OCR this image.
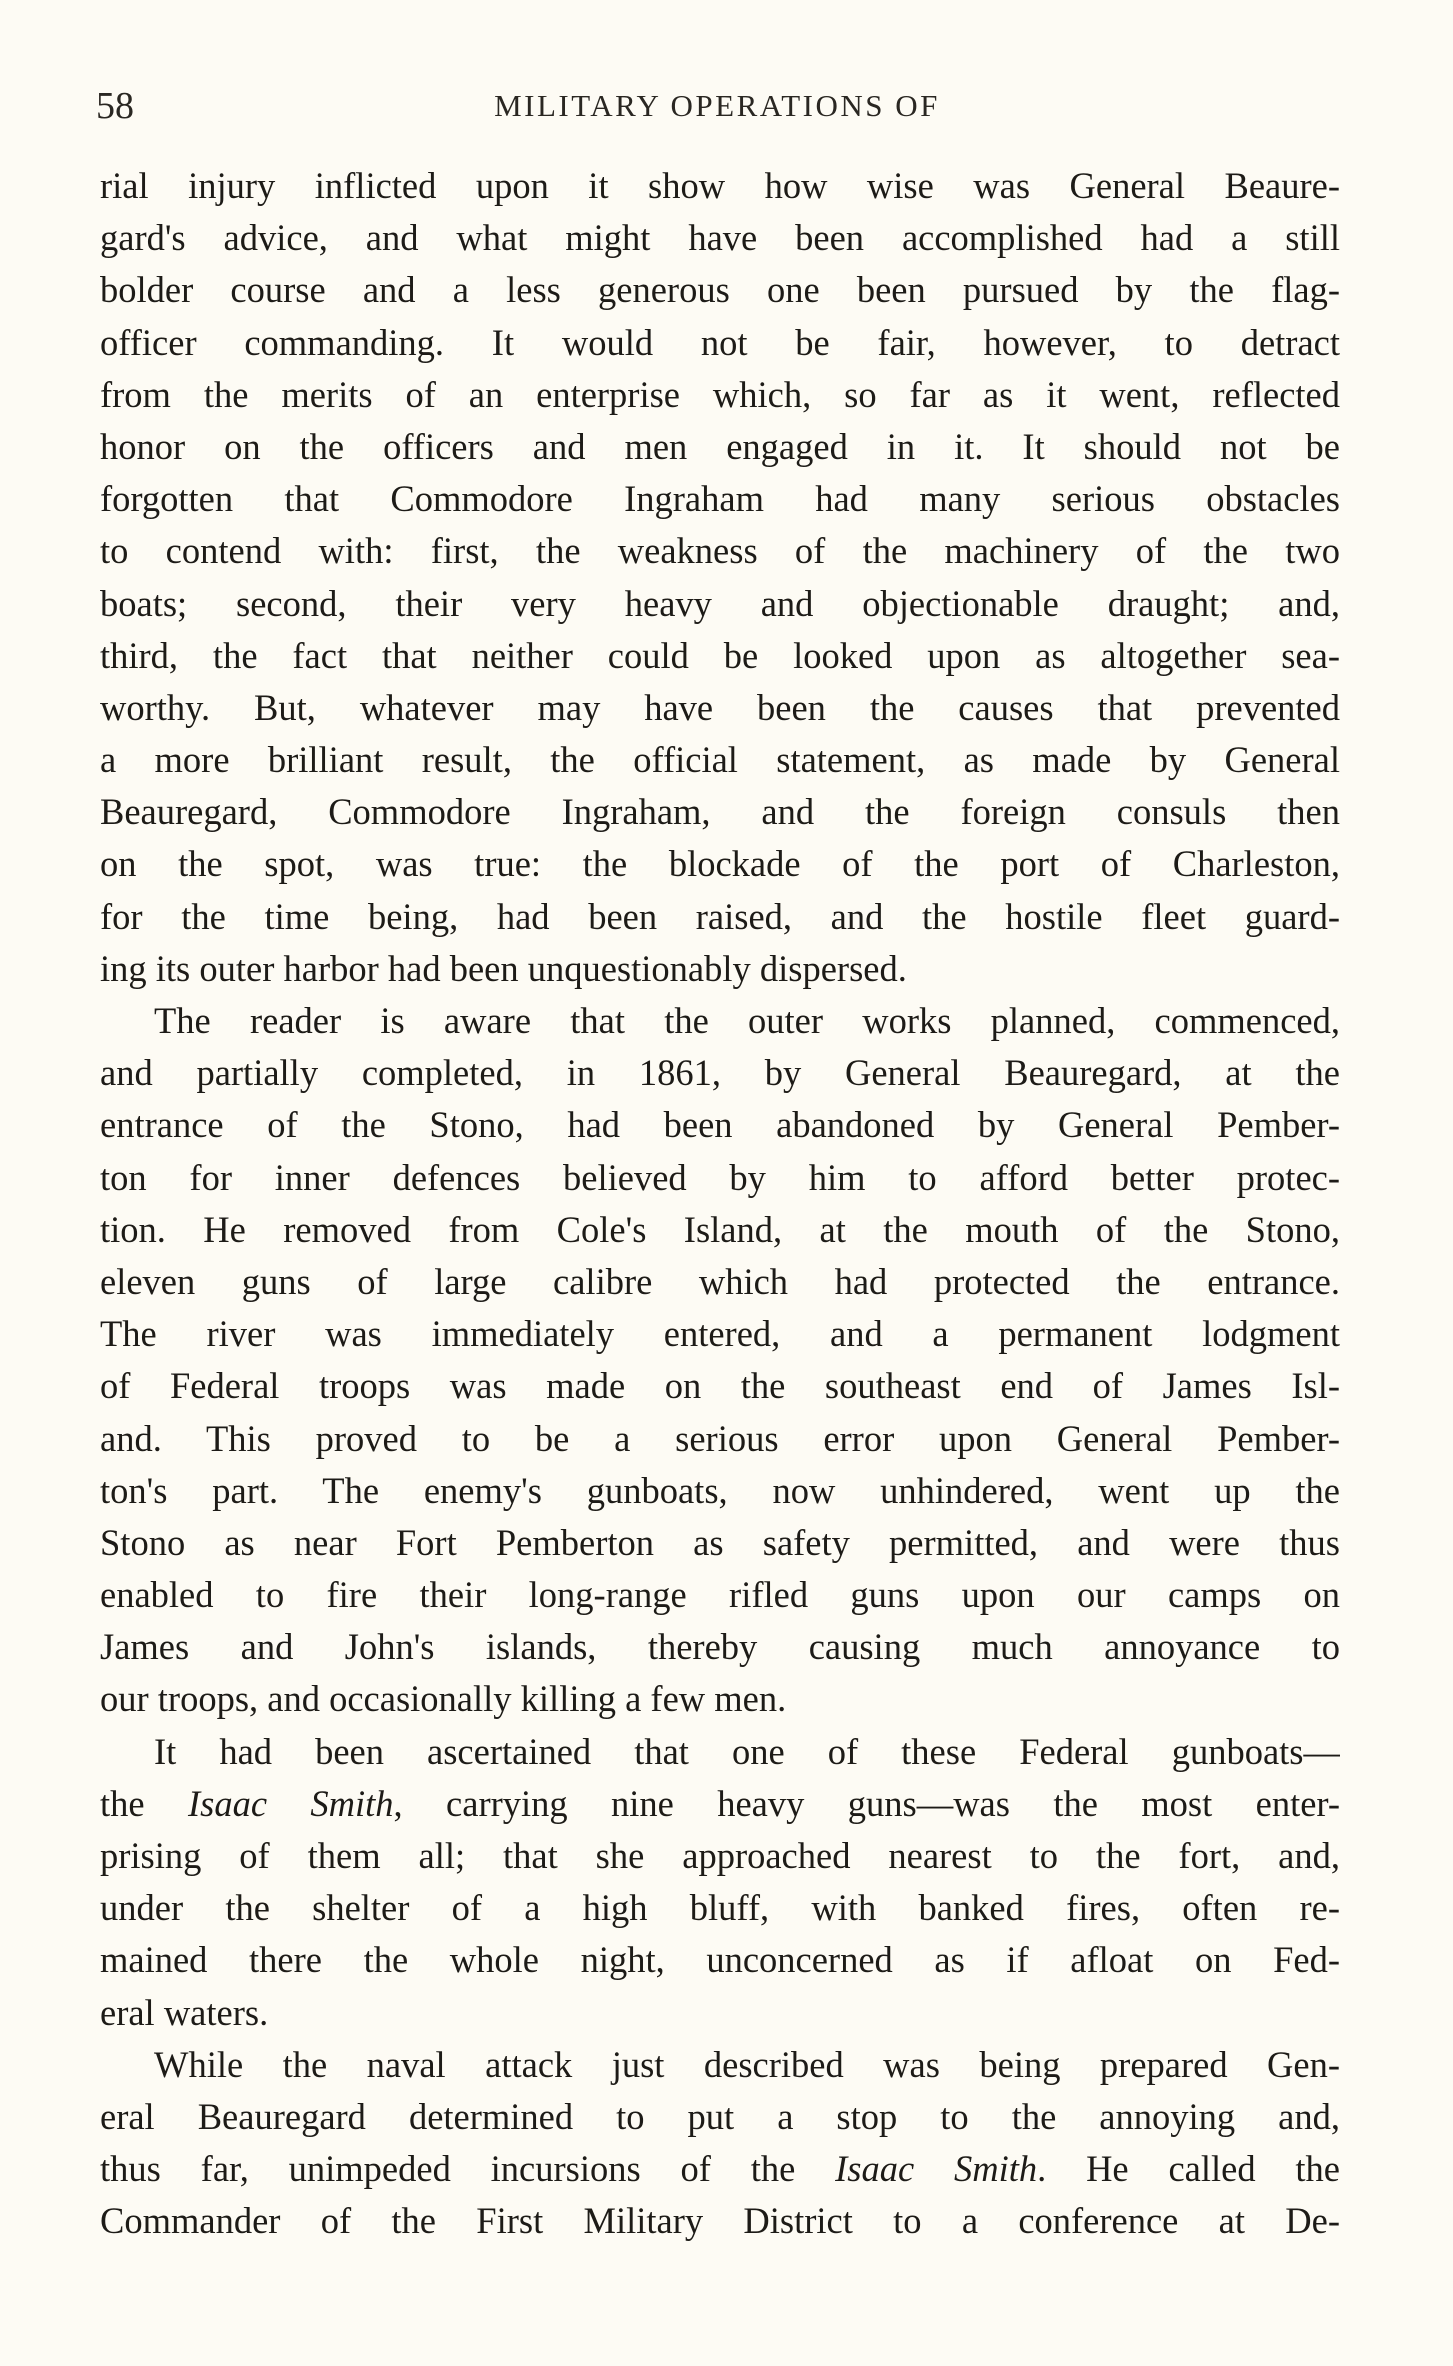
58	MILITARY OPERATIONS OF
rial injury inflicted upon it show how wise was General Beaure-
gard's advice, and what might have been accomplished had a still
bolder course and a less generous one been pursued by the flag-
officer commanding. It would not be fair, however, to detract
from the merits of an enterprise which, so far as it went, reflected
honor on the officers and men engaged in it. It should not be
forgotten that Commodore Ingraham had many serious obstacles
to contend with: first, the weakness of the machinery of the two
boats; second, their very heavy and objectionable draught; and,
third, the fact that neither could be looked upon as altogether sea-
worthy. But, whatever may have been the causes that prevented
a more brilliant result, the official statement, as made by General
Beauregard, Commodore Ingraham, and the foreign consuls then
on the spot, was true: the blockade of the port of Charleston,
for the time being, had been raised, and the hostile fleet guard-
ing its outer harbor had been unquestionably dispersed.
The reader is aware that the outer works planned, commenced,
and partially completed, in 1861, by General Beauregard, at the
entrance of the Stono, had been abandoned by General Pember-
ton for inner defences believed by him to afford better protec-
tion. He removed from Cole's Island, at the mouth of the Stono,
eleven guns of large calibre which had protected the entrance.
The river was immediately entered, and a permanent lodgment
of Federal troops was made on the southeast end of James Isl-
and. This proved to be a serious error upon General Pember-
ton's part. The enemy's gunboats, now unhindered, went up the
Stono as near Fort Pemberton as safety permitted, and were thus
enabled to fire their long-range rifled guns upon our camps on
James and John's islands, thereby causing much annoyance to
our troops, and occasionally killing a few men.
It had been ascertained that one of these Federal gunboats—
the Isaac Smith, carrying nine heavy guns—was the most enter-
prising of them all; that she approached nearest to the fort, and,
under the shelter of a high bluff, with banked fires, often re-
mained there the whole night, unconcerned as if afloat on Fed-
eral waters.
While the naval attack just described was being prepared Gen-
eral Beauregard determined to put a stop to the annoying and,
thus far, unimpeded incursions of the Isaac Smith. He called the
Commander of the First Military District to a conference at De-
